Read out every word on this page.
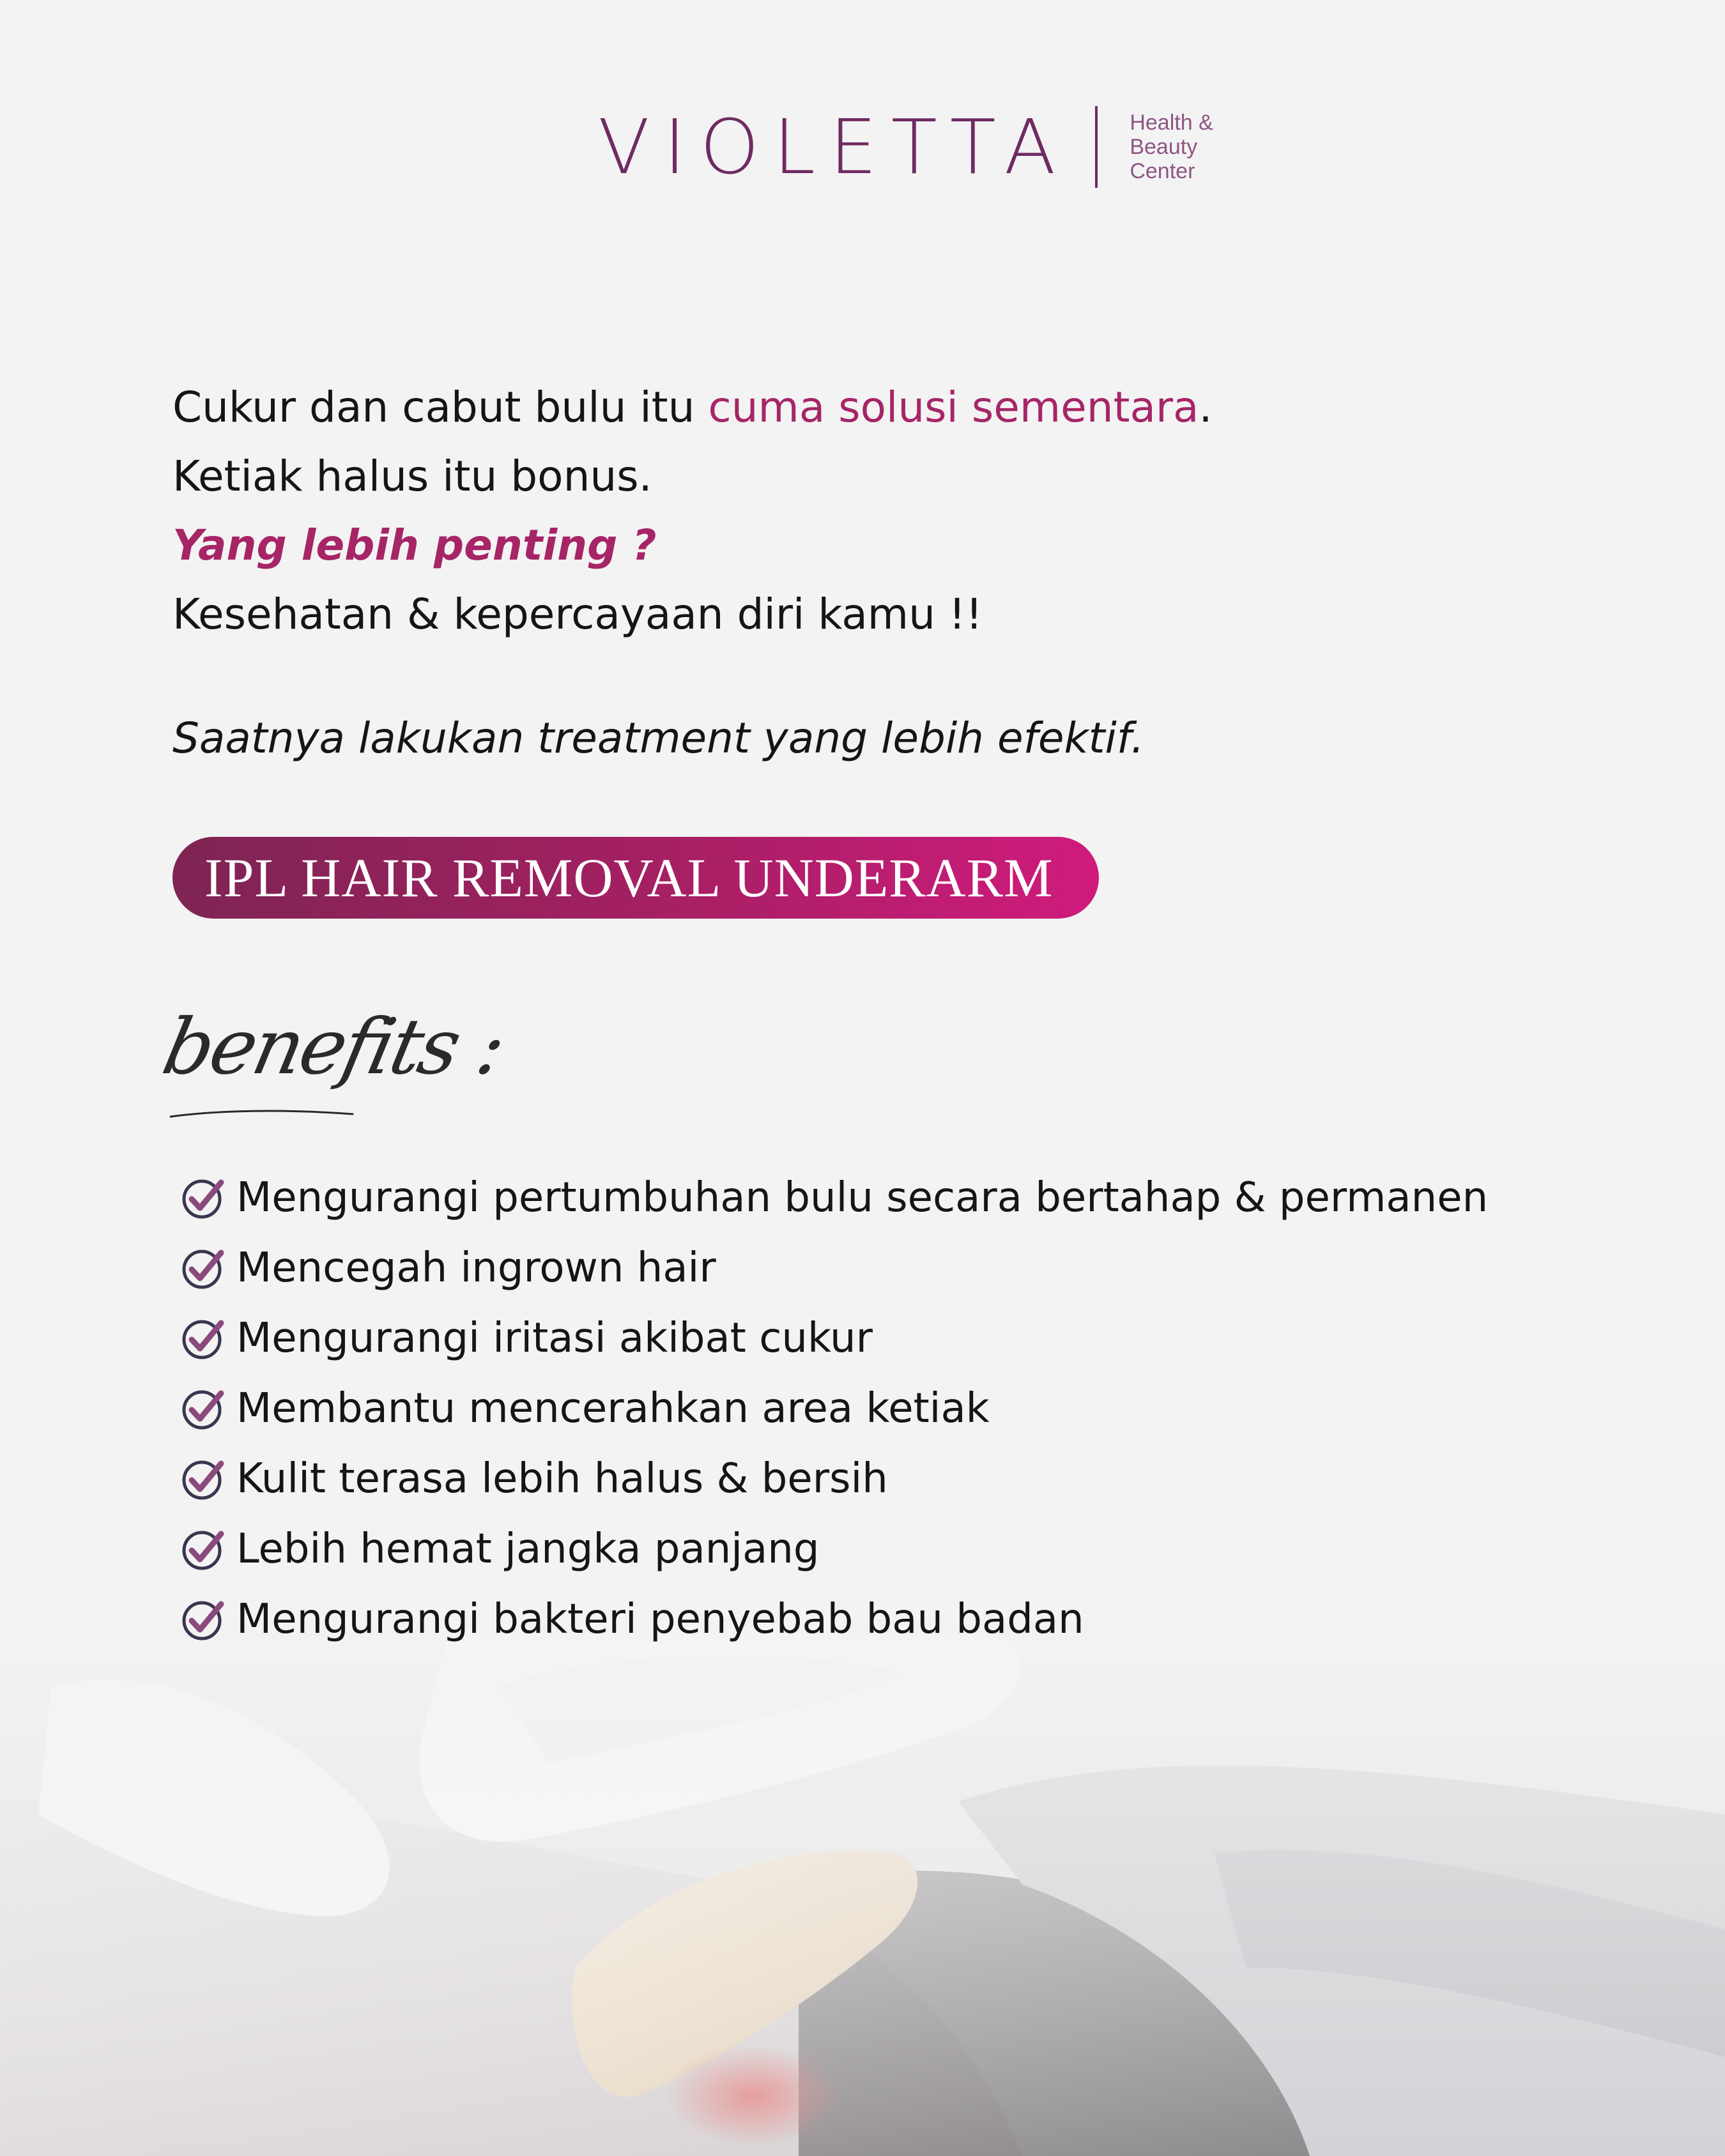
VIOLETTA	Health &
Beauty
Center
Cukur dan cabut bulu itu cuma solusi sementara.
Ketiak halus itu bonus.
Yang lebih penting ?
Kesehatan & kepercayaan diri kamu !!
Saatnya lakukan treatment yang lebih efektif.
IPL HAIR REMOVAL UNDERARM
benefits :
Mengurangi pertumbuhan bulu secara bertahap & permanen
Mencegah ingrown hair
Mengurangi iritasi akibat cukur
Membantu mencerahkan area ketiak
Kulit terasa lebih halus & bersih
Lebih hemat jangka panjang
Mengurangi bakteri penyebab bau badan
